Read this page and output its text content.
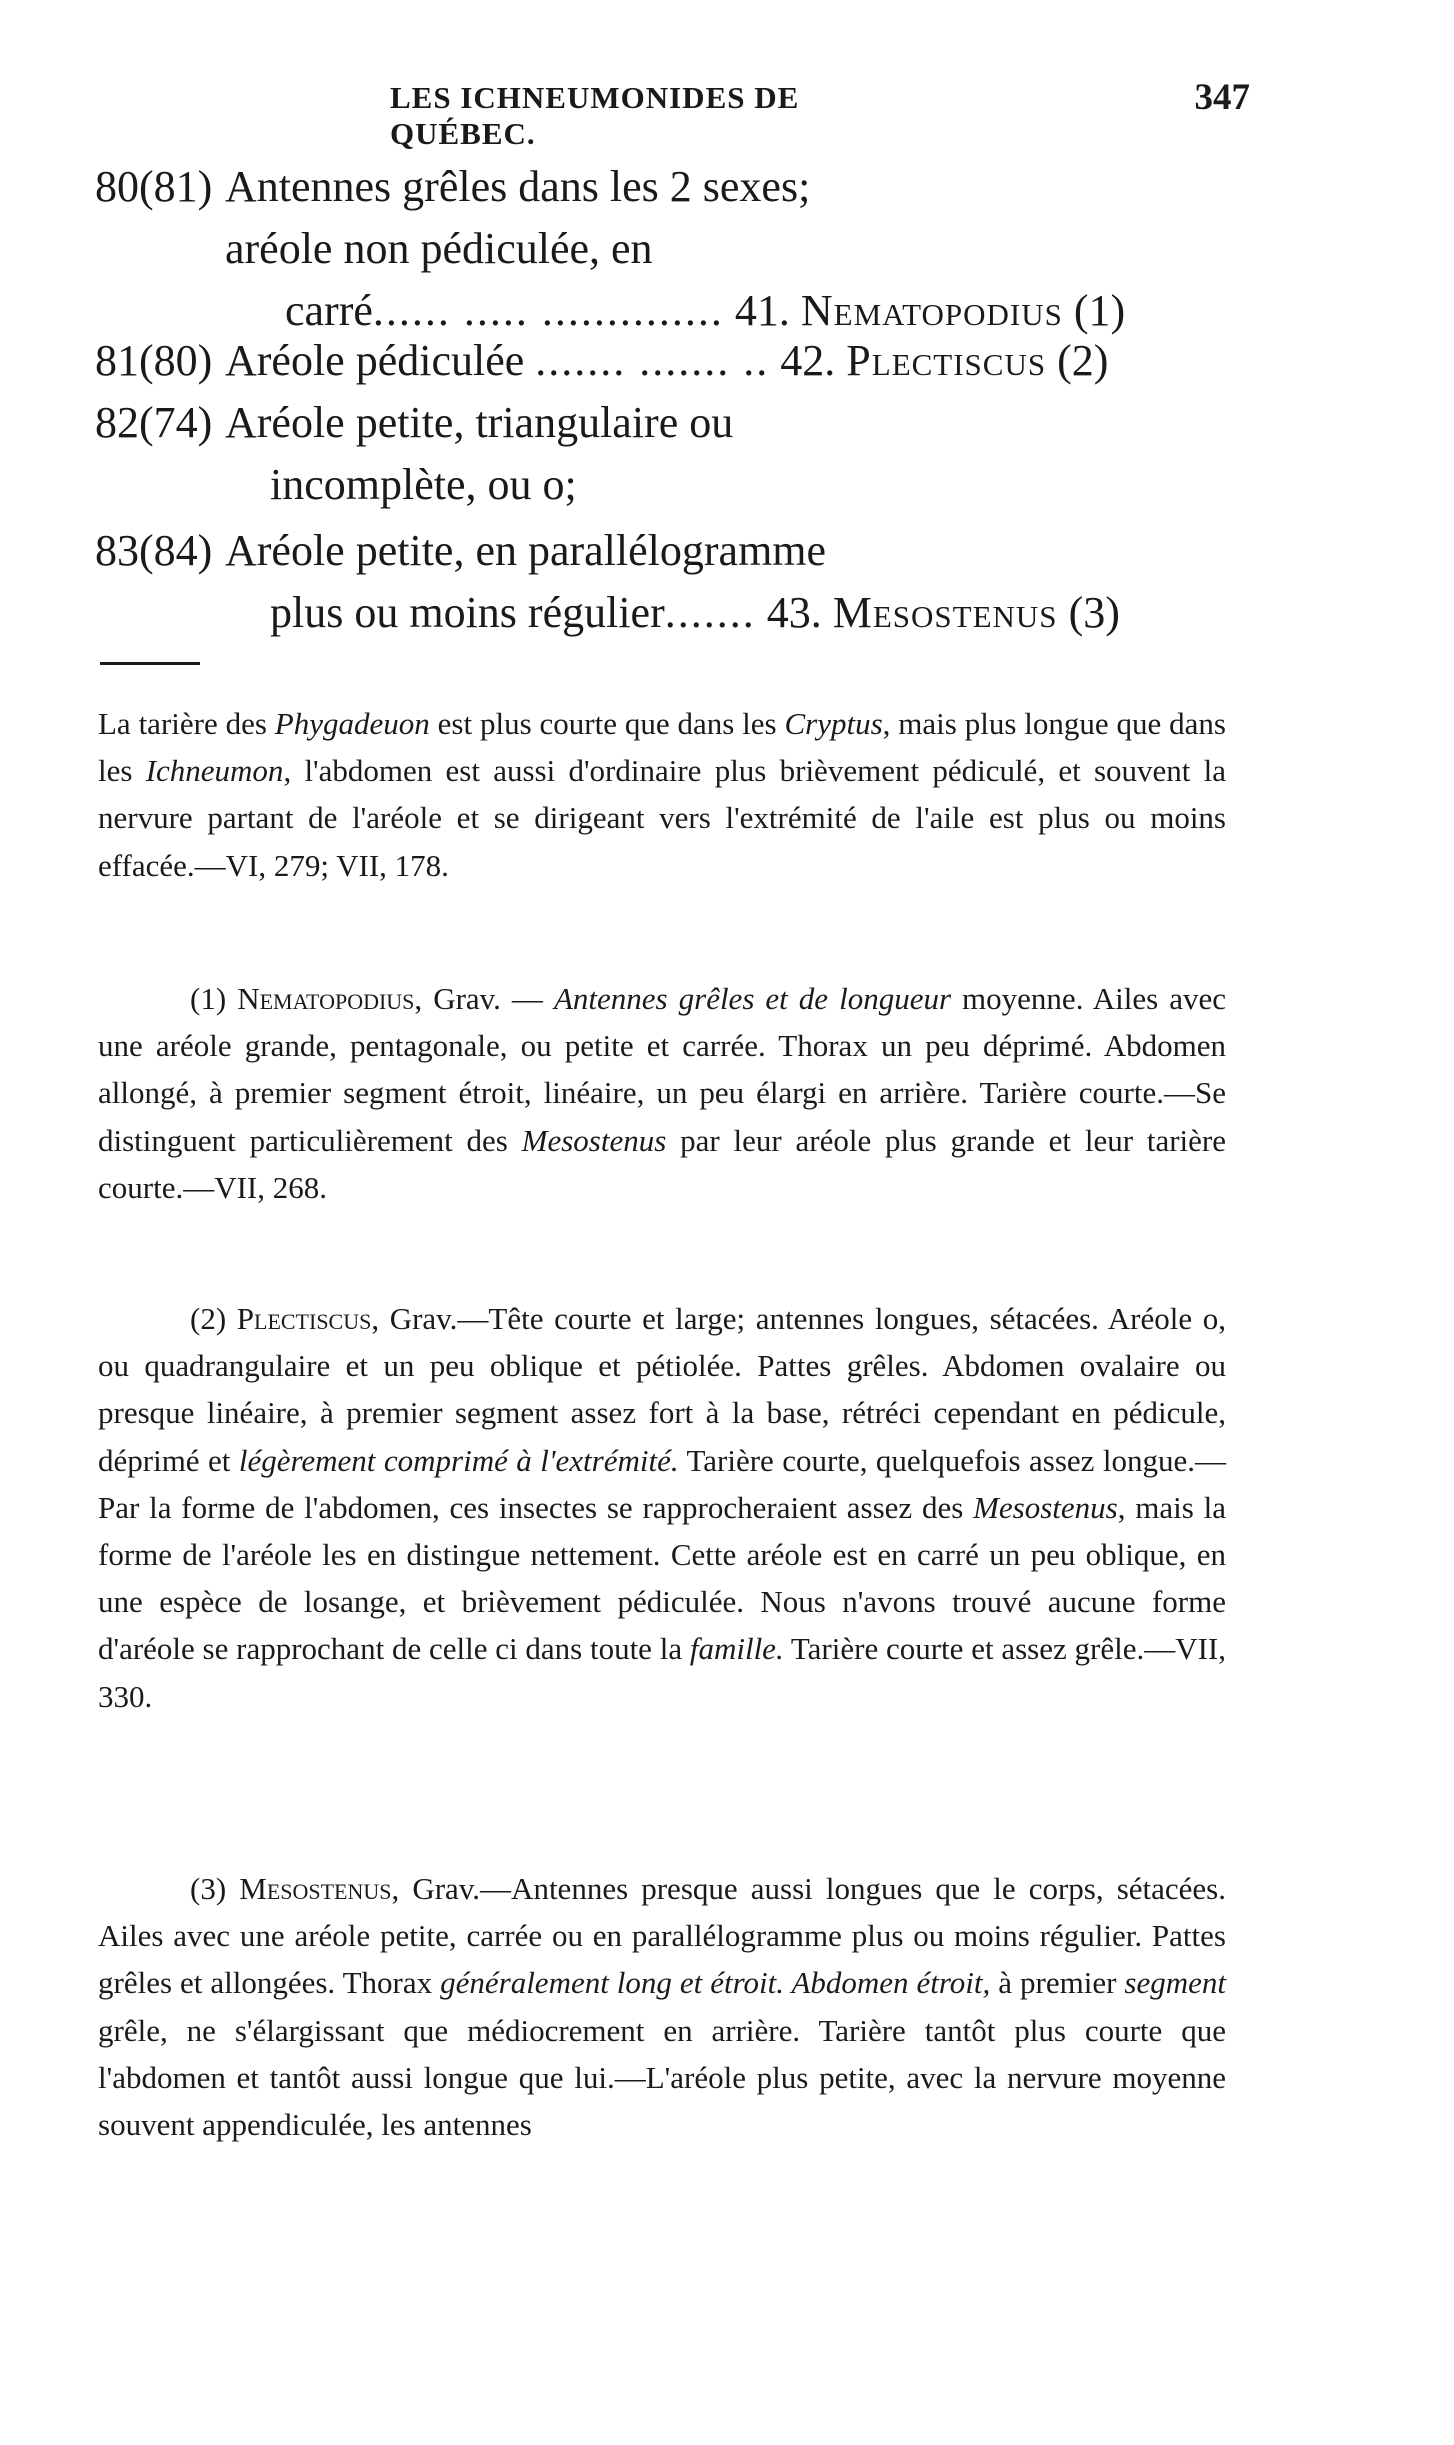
LES ICHNEUMONIDES DE QUÉBEC.
347
80(81) Antennes grêles dans les 2 sexes;
aréole non pédiculée, en
carré...... ..... .............. 41. Nematopodius (1)
81(80) Aréole pédiculée ....... ....... .. 42. Plectiscus (2)
82(74) Aréole petite, triangulaire ou
incomplète, ou o;
83(84) Aréole petite, en parallélogramme
plus ou moins régulier....... 43. Mesostenus (3)
La tarière des Phygadeuon est plus courte que dans les Cryptus, mais plus longue que dans les Ichneumon, l'abdomen est aussi d'ordinaire plus brièvement pédiculé, et souvent la nervure partant de l'aréole et se dirigeant vers l'extrémité de l'aile est plus ou moins effacée.—VI, 279; VII, 178.
(1) Nematopodius, Grav. — Antennes grêles et de longueur moyenne. Ailes avec une aréole grande, pentagonale, ou petite et carrée. Thorax un peu déprimé. Abdomen allongé, à premier segment étroit, linéaire, un peu élargi en arrière. Tarière courte.—Se distinguent particulièrement des Mesostenus par leur aréole plus grande et leur tarière courte.—VII, 268.
(2) Plectiscus, Grav.—Tête courte et large; antennes longues, sétacées. Aréole o, ou quadrangulaire et un peu oblique et pétiolée. Pattes grêles. Abdomen ovalaire ou presque linéaire, à premier segment assez fort à la base, rétréci cependant en pédicule, déprimé et légèrement comprimé à l'extrémité. Tarière courte, quelquefois assez longue.—Par la forme de l'abdomen, ces insectes se rapprocheraient assez des Mesostenus, mais la forme de l'aréole les en distingue nettement. Cette aréole est en carré un peu oblique, en une espèce de losange, et brièvement pédiculée. Nous n'avons trouvé aucune forme d'aréole se rapprochant de celle ci dans toute la famille. Tarière courte et assez grêle.—VII, 330.
(3) Mesostenus, Grav.—Antennes presque aussi longues que le corps, sétacées. Ailes avec une aréole petite, carrée ou en parallélogramme plus ou moins régulier. Pattes grêles et allongées. Thorax généralement long et étroit. Abdomen étroit, à premier segment grêle, ne s'élargissant que médiocrement en arrière. Tarière tantôt plus courte que l'abdomen et tantôt aussi longue que lui.—L'aréole plus petite, avec la nervure moyenne souvent appendiculée, les antennes
